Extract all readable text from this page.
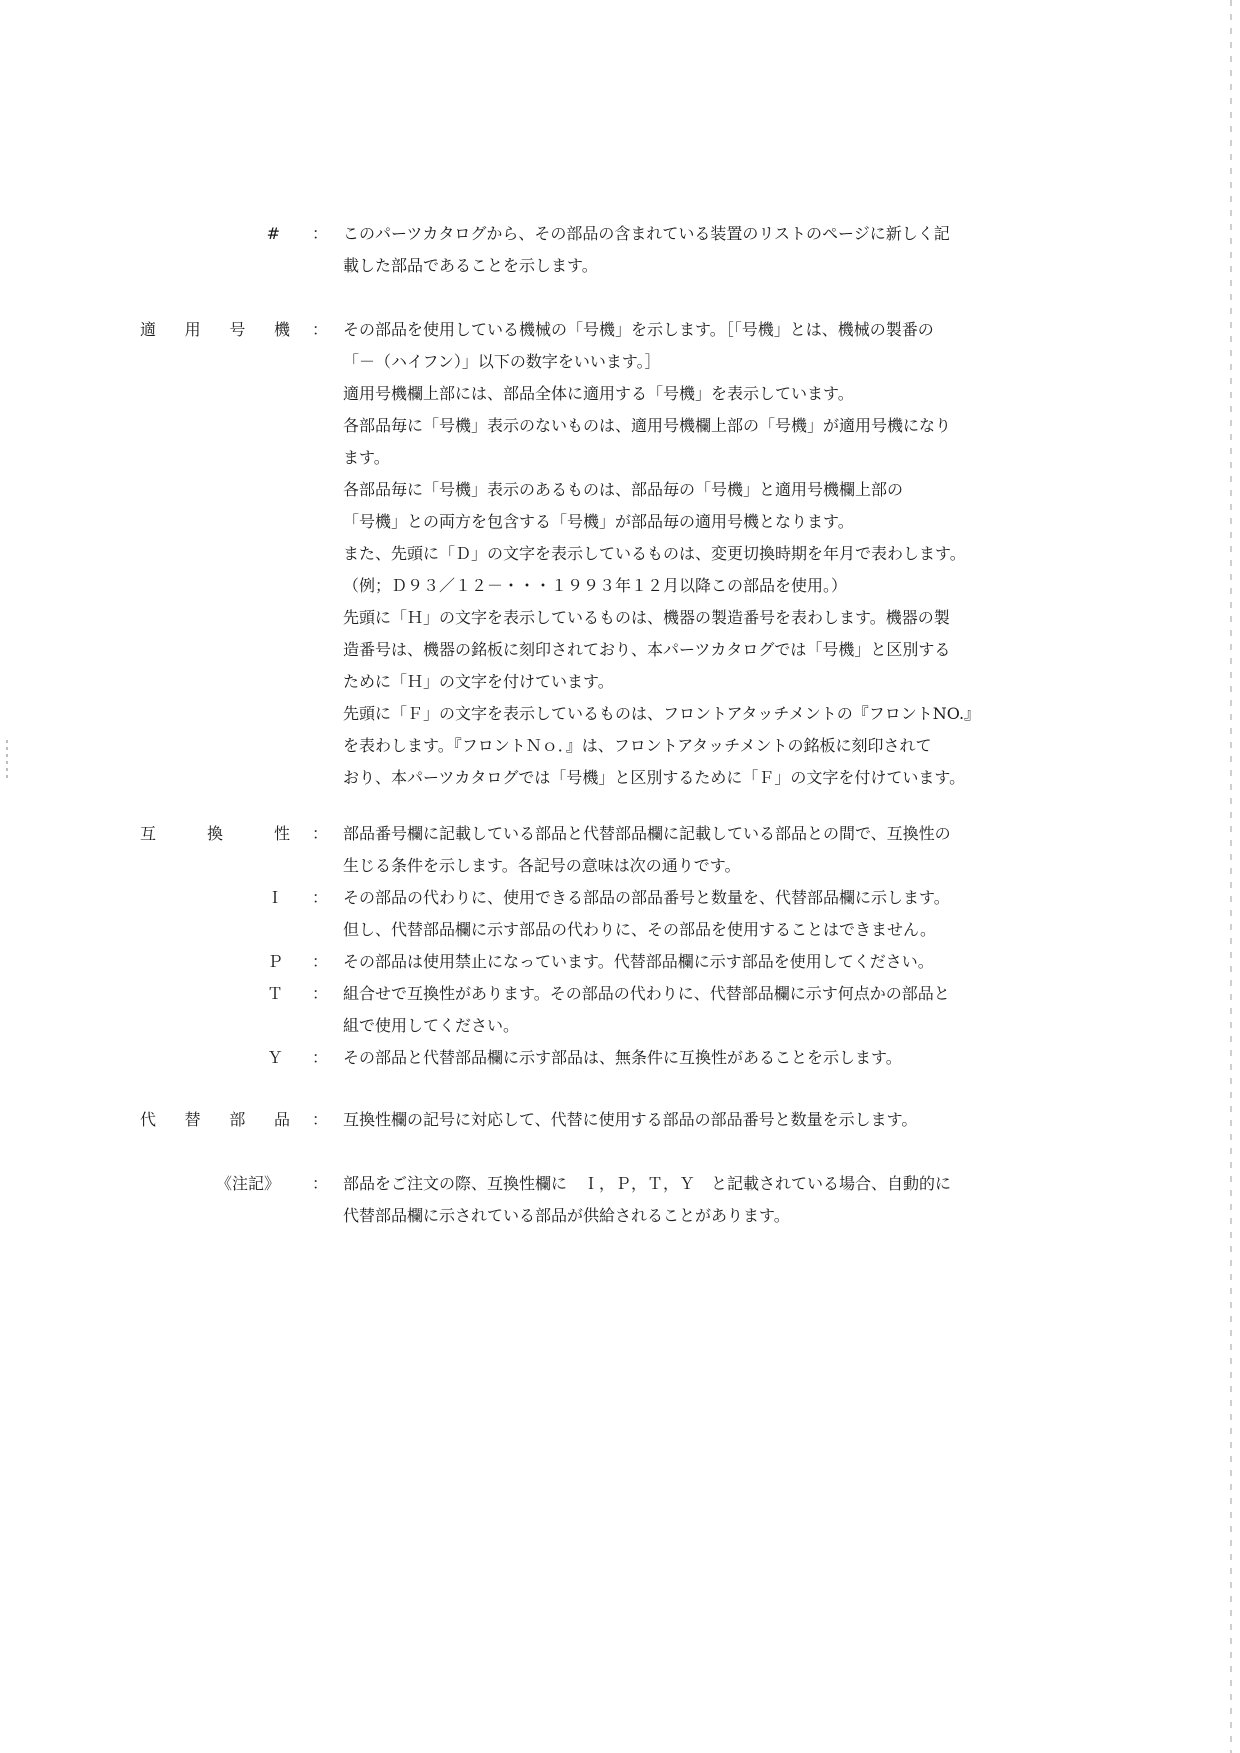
# ： このパーツカタログから、その部品の含まれている装置のリストのページに新しく記

載した部品であることを示します。

適 用 号 機 ： その部品を使用している機械の「号機」を示します。［「号機」とは、機械の製番の

「－（ハイフン）」以下の数字をいいます。］

適用号機欄上部には、部品全体に適用する「号機」を表示しています。

各部品毎に「号機」表示のないものは、適用号機欄上部の「号機」が適用号機になり

ます。

各部品毎に「号機」表示のあるものは、部品毎の「号機」と適用号機欄上部の

「号機」との両方を包含する「号機」が部品毎の適用号機となります。

また、先頭に「Ｄ」の文字を表示しているものは、変更切換時期を年月で表わします。

（例；Ｄ９３／１２－・・・１９９３年１２月以降この部品を使用。）

先頭に「Ｈ」の文字を表示しているものは、機器の製造番号を表わします。機器の製

造番号は、機器の銘板に刻印されており、本パーツカタログでは「号機」と区別する

ために「Ｈ」の文字を付けています。

先頭に「Ｆ」の文字を表示しているものは、フロントアタッチメントの『フロントNO.』

を表わします。『フロントＮｏ．』は、フロントアタッチメントの銘板に刻印されて

おり、本パーツカタログでは「号機」と区別するために「Ｆ」の文字を付けています。

互	換	性 ： 部品番号欄に記載している部品と代替部品欄に記載している部品との間で、互換性の

生じる条件を示します。各記号の意味は次の通りです。

Ｉ	： その部品の代わりに、使用できる部品の部品番号と数量を、代替部品欄に示します。

但し、代替部品欄に示す部品の代わりに、その部品を使用することはできません。

Ｐ	： その部品は使用禁止になっています。代替部品欄に示す部品を使用してください。

Ｔ	： 組合せで互換性があります。その部品の代わりに、代替部品欄に示す何点かの部品と

組で使用してください。

Ｙ	： その部品と代替部品欄に示す部品は、無条件に互換性があることを示します。

代 替 部 品 ： 互換性欄の記号に対応して、代替に使用する部品の部品番号と数量を示します。

《注記》 ： 部品をご注文の際、互換性欄に　Ｉ，Ｐ，Ｔ，Ｙ　と記載されている場合、自動的に

代替部品欄に示されている部品が供給されることがあります。
